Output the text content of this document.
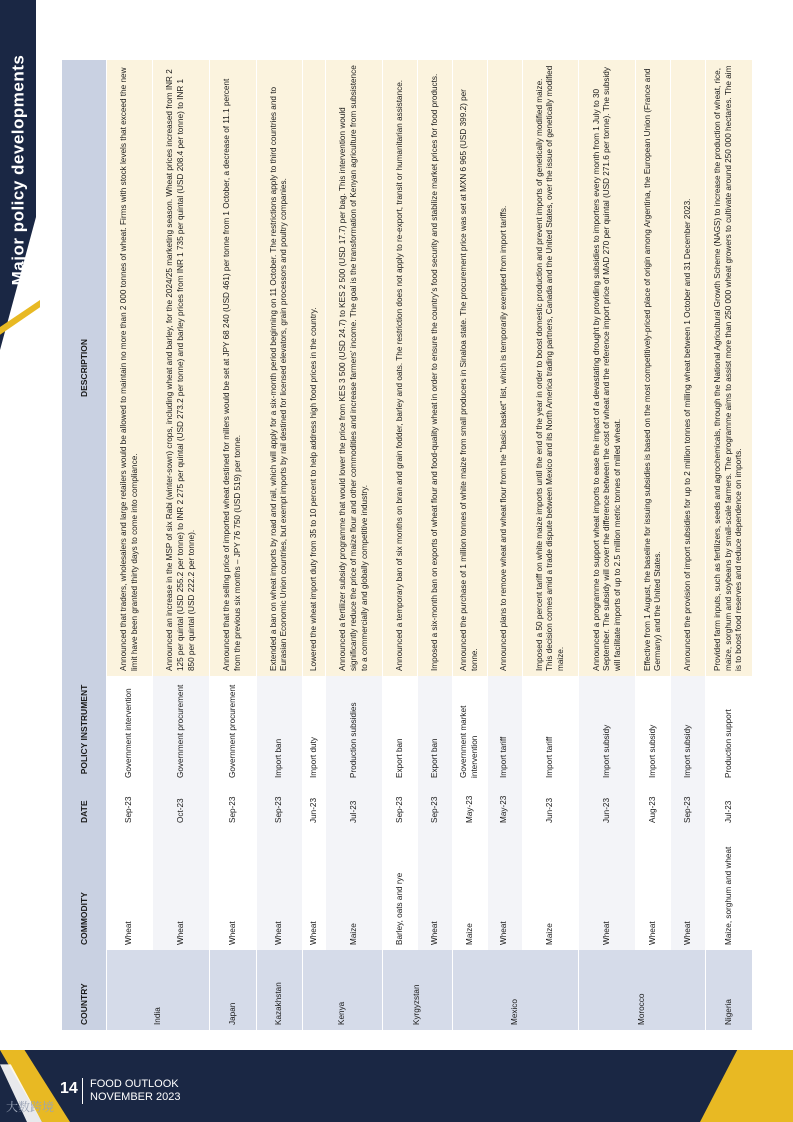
Major policy developments
COUNTRY	COMMODITY	DATE	POLICY INSTRUMENT	DESCRIPTION
India	Wheat	Sep-23	Government intervention	Announced that traders, wholesalers and large retailers would be allowed to maintain no more than 2 000 tonnes of wheat. Firms with stock levels that exceed the new limit have been granted thirty days to come into compliance.
	Wheat	Oct-23	Government procurement	Announced an increase in the MSP of six Rabi (winter-sown) crops, including wheat and barley, for the 2024/25 marketing season. Wheat prices increased from INR 2 125 per quintal (USD 255.2 per tonne) to INR 2 275 per quintal (USD 273.2 per tonne) and barley prices from INR 1 735 per quintal (USD 208.4 per tonne) to INR 1 850 per quintal (USD 222.2 per tonne).
Japan	Wheat	Sep-23	Government procurement	Announced that the selling price of imported wheat destined for millers would be set at JPY 68 240 (USD 461) per tonne from 1 October, a decrease of 11.1 percent from the previous six months – JPY 76 750 (USD 519) per tonne.
Kazakhstan	Wheat	Sep-23	Import ban	Extended a ban on wheat imports by road and rail, which will apply for a six-month period beginning on 11 October. The restrictions apply to third countries and to Eurasian Economic Union countries, but exempt imports by rail destined for licensed elevators, grain processors and poultry companies.
Kenya	Wheat	Jun-23	Import duty	Lowered the wheat import duty from 35 to 10 percent to help address high food prices in the country.
	Maize	Jul-23	Production subsidies	Announced a fertilizer subsidy programme that would lower the price from KES 3 500 (USD 24.7) to KES 2 500 (USD 17.7) per bag. This intervention would significantly reduce the price of maize flour and other commodities and increase farmers' income. The goal is the transformation of Kenyan agriculture from subsistence to a commercially and globally competitive industry.
Kyrgyzstan	Barley, oats and rye	Sep-23	Export ban	Announced a temporary ban of six months on bran and grain fodder, barley and oats. The restriction does not apply to re-export, transit or humanitarian assistance.
	Wheat	Sep-23	Export ban	Imposed a six-month ban on exports of wheat flour and food-quality wheat in order to ensure the country's food security and stabilize market prices for food products.
Mexico	Maize	May-23	Government market intervention	Announced the purchase of 1 million tonnes of white maize from small producers in Sinaloa state. The procurement price was set at MXN 6 965 (USD 399.2) per tonne.
	Wheat	May-23	Import tariff	Announced plans to remove wheat and wheat flour from the "basic basket" list, which is temporarily exempted from import tariffs.
	Maize	Jun-23	Import tariff	Imposed a 50 percent tariff on white maize imports until the end of the year in order to boost domestic production and prevent imports of genetically modified maize. This decision comes amid a trade dispute between Mexico and its North America trading partners, Canada and the United States, over the issue of genetically modified maize.
Morocco	Wheat	Jun-23	Import subsidy	Announced a programme to support wheat imports to ease the impact of a devastating drought by providing subsidies to importers every month from 1 July to 30 September. The subsidy will cover the difference between the cost of wheat and the reference import price of MAD 270 per quintal (USD 271.6 per tonne). The subsidy will facilitate imports of up to 2.5 million metric tonnes of milled wheat.
	Wheat	Aug-23	Import subsidy	Effective from 1 August, the baseline for issuing subsidies is based on the most competitively-priced place of origin among Argentina, the European Union (France and Germany) and the United States.
	Wheat	Sep-23	Import subsidy	Announced the provision of import subsidies for up to 2 million tonnes of milling wheat between 1 October and 31 December 2023.
Nigeria	Maize, sorghum and wheat	Jul-23	Production support	Provided farm inputs, such as fertilizers, seeds and agrochemicals, through the National Agricultural Growth Scheme (NAGS) to increase the production of wheat, rice, maize, sorghum and soybeans by small-scale farmers. The programme aims to assist more than 250 000 wheat growers to cultivate around 250 000 hectares. The aim is to boost food reserves and reduce dependence on imports.
14 FOOD OUTLOOK
NOVEMBER 2023
大数跨境
